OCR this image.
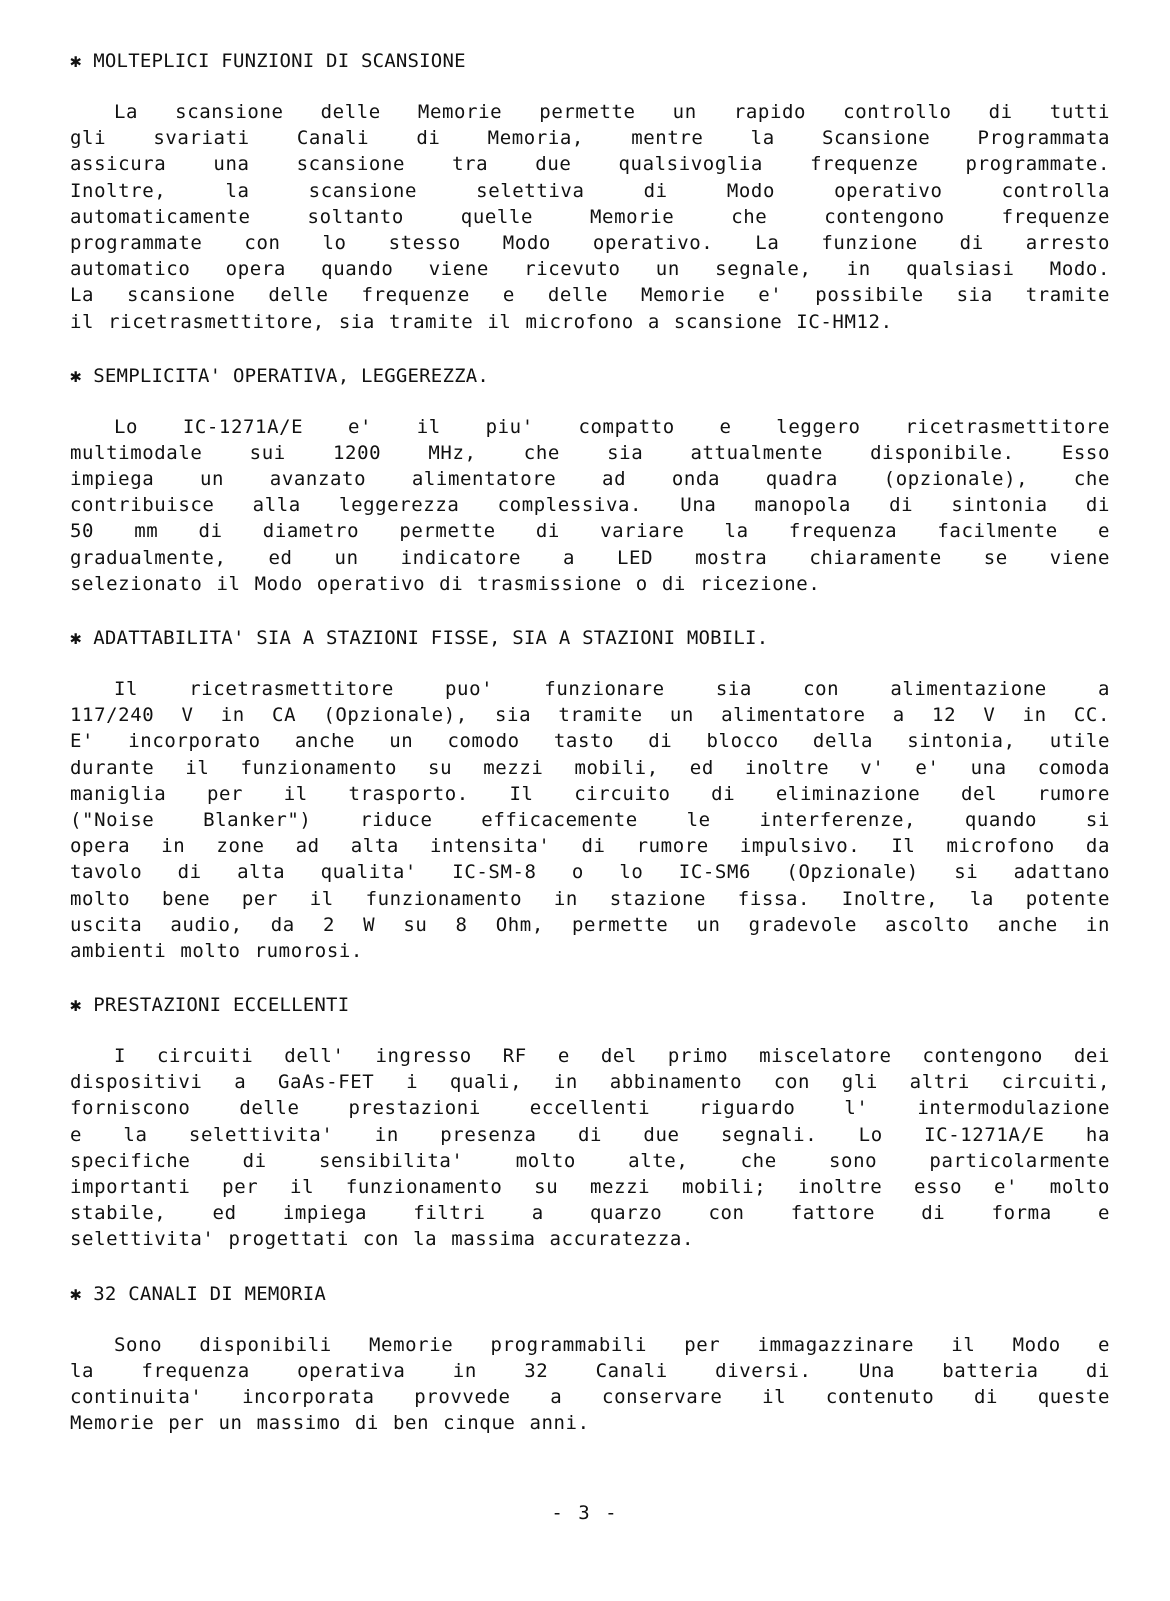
✱ MOLTEPLICI FUNZIONI DI SCANSIONE
La scansione delle Memorie permette un rapido controllo di tutti
gli svariati Canali di Memoria, mentre la Scansione Programmata
assicura una scansione tra due qualsivoglia frequenze programmate.
Inoltre, la scansione selettiva di Modo operativo controlla
automaticamente soltanto quelle Memorie che contengono frequenze
programmate con lo stesso Modo operativo. La funzione di arresto
automatico opera quando viene ricevuto un segnale, in qualsiasi Modo.
La scansione delle frequenze e delle Memorie e' possibile sia tramite
il ricetrasmettitore, sia tramite il microfono a scansione IC-HM12.
✱ SEMPLICITA' OPERATIVA, LEGGEREZZA.
Lo IC-1271A/E e' il piu' compatto e leggero ricetrasmettitore
multimodale sui 1200 MHz, che sia attualmente disponibile. Esso
impiega un avanzato alimentatore ad onda quadra (opzionale), che
contribuisce alla leggerezza complessiva. Una manopola di sintonia di
50 mm di diametro permette di variare la frequenza facilmente e
gradualmente, ed un indicatore a LED mostra chiaramente se viene
selezionato il Modo operativo di trasmissione o di ricezione.
✱ ADATTABILITA' SIA A STAZIONI FISSE, SIA A STAZIONI MOBILI.
Il ricetrasmettitore puo' funzionare sia con alimentazione a
117/240 V in CA (Opzionale), sia tramite un alimentatore a 12 V in CC.
E' incorporato anche un comodo tasto di blocco della sintonia, utile
durante il funzionamento su mezzi mobili, ed inoltre v' e' una comoda
maniglia per il trasporto. Il circuito di eliminazione del rumore
("Noise Blanker") riduce efficacemente le interferenze, quando si
opera in zone ad alta intensita' di rumore impulsivo. Il microfono da
tavolo di alta qualita' IC-SM-8 o lo IC-SM6 (Opzionale) si adattano
molto bene per il funzionamento in stazione fissa. Inoltre, la potente
uscita audio, da 2 W su 8 Ohm, permette un gradevole ascolto anche in
ambienti molto rumorosi.
✱ PRESTAZIONI ECCELLENTI
I circuiti dell' ingresso RF e del primo miscelatore contengono dei
dispositivi a GaAs-FET i quali, in abbinamento con gli altri circuiti,
forniscono delle prestazioni eccellenti riguardo l' intermodulazione
e la selettivita' in presenza di due segnali. Lo IC-1271A/E ha
specifiche di sensibilita' molto alte, che sono particolarmente
importanti per il funzionamento su mezzi mobili; inoltre esso e' molto
stabile, ed impiega filtri a quarzo con fattore di forma e
selettivita' progettati con la massima accuratezza.
✱ 32 CANALI DI MEMORIA
Sono disponibili Memorie programmabili per immagazzinare il Modo e
la frequenza operativa in 32 Canali diversi. Una batteria di
continuita' incorporata provvede a conservare il contenuto di queste
Memorie per un massimo di ben cinque anni.
- 3 -
